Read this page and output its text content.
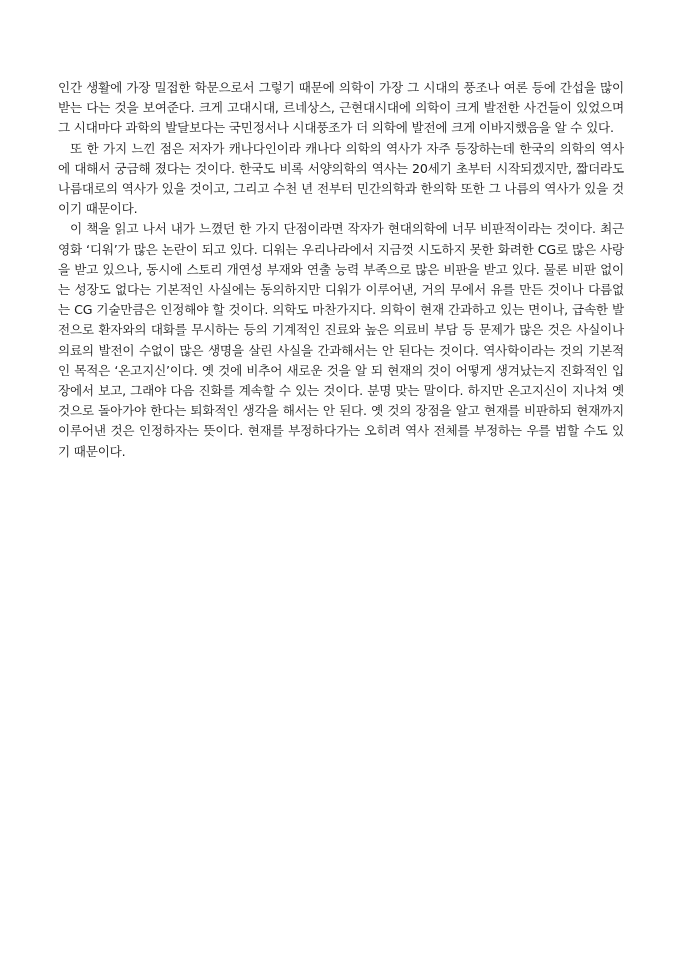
인간 생활에 가장 밀접한 학문으로서 그렇기 때문에 의학이 가장 그 시대의 풍조나 여론 등에 간섭을 많이 받는 다는 것을 보여준다. 크게 고대시대, 르네상스, 근현대시대에 의학이 크게 발전한 사건들이 있었으며 그 시대마다 과학의 발달보다는 국민정서나 시대풍조가 더 의학에 발전에 크게 이바지했음을 알 수 있다.

또 한 가지 느낀 점은 저자가 캐나다인이라 캐나다 의학의 역사가 자주 등장하는데 한국의 의학의 역사에 대해서 궁금해 졌다는 것이다. 한국도 비록 서양의학의 역사는 20세기 초부터 시작되겠지만, 짧더라도 나름대로의 역사가 있을 것이고, 그리고 수천 년 전부터 민간의학과 한의학 또한 그 나름의 역사가 있을 것이기 때문이다.

이 책을 읽고 나서 내가 느꼈던 한 가지 단점이라면 작자가 현대의학에 너무 비판적이라는 것이다. 최근 영화 ‘디워’가 많은 논란이 되고 있다. 디워는 우리나라에서 지금껏 시도하지 못한 화려한 CG로 많은 사랑을 받고 있으나, 동시에 스토리 개연성 부재와 연출 능력 부족으로 많은 비판을 받고 있다. 물론 비판 없이는 성장도 없다는 기본적인 사실에는 동의하지만 디워가 이루어낸, 거의 무에서 유를 만든 것이나 다름없는 CG 기술만큼은 인정해야 할 것이다. 의학도 마찬가지다. 의학이 현재 간과하고 있는 면이나, 급속한 발전으로 환자와의 대화를 무시하는 등의 기계적인 진료와 높은 의료비 부담 등 문제가 많은 것은 사실이나 의료의 발전이 수없이 많은 생명을 살린 사실을 간과해서는 안 된다는 것이다. 역사학이라는 것의 기본적인 목적은 ‘온고지신’이다. 옛 것에 비추어 새로운 것을 알 되 현재의 것이 어떻게 생겨났는지 진화적인 입장에서 보고, 그래야 다음 진화를 계속할 수 있는 것이다. 분명 맞는 말이다. 하지만 온고지신이 지나쳐 옛 것으로 돌아가야 한다는 퇴화적인 생각을 해서는 안 된다. 옛 것의 장점을 알고 현재를 비판하되 현재까지 이루어낸 것은 인정하자는 뜻이다. 현재를 부정하다가는 오히려 역사 전체를 부정하는 우를 범할 수도 있기 때문이다.
